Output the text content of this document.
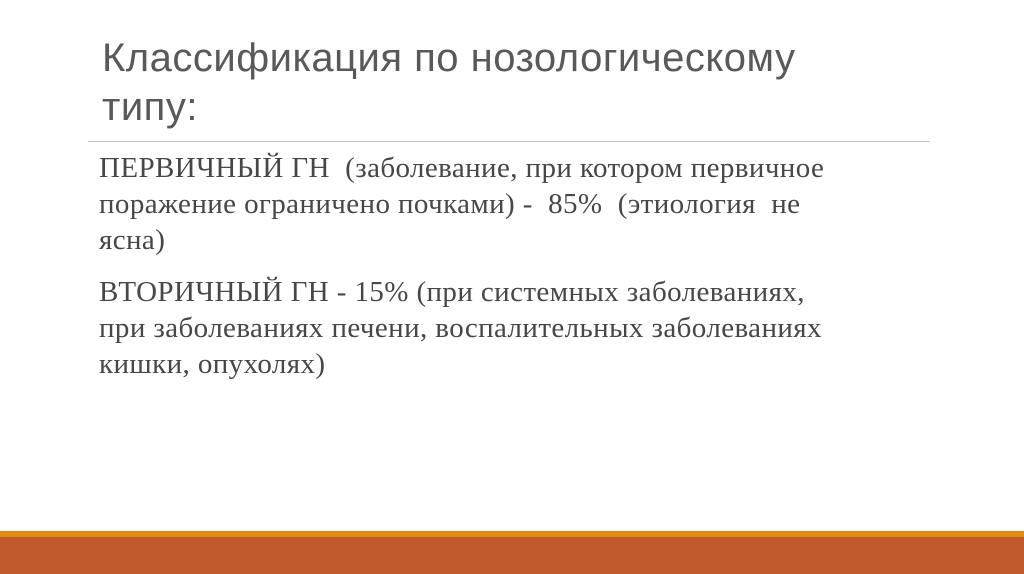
Классификация по нозологическому
типу:
ПЕРВИЧНЫЙ ГН  (заболевание, при котором первичное
поражение ограничено почками) -  85%  (этиология  не
ясна)
ВТОРИЧНЫЙ ГН - 15% (при системных заболеваниях,
при заболеваниях печени, воспалительных заболеваниях
кишки, опухолях)
